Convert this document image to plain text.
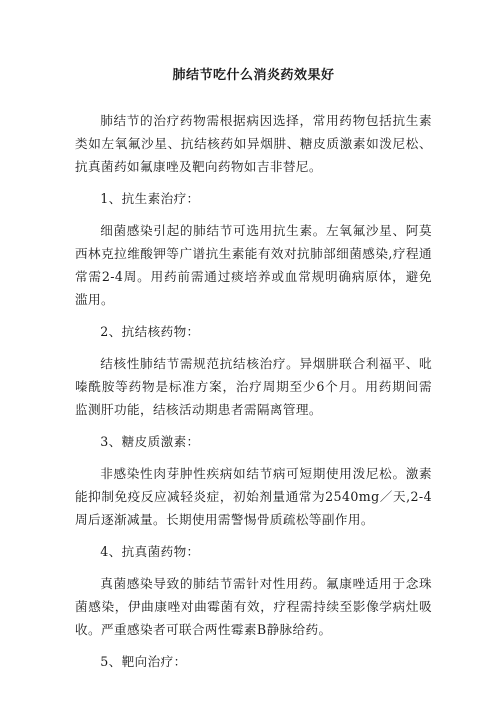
肺结节吃什么消炎药效果好

肺结节的治疗药物需根据病因选择，常用药物包括抗生素类如左氧氟沙星、抗结核药如异烟肼、糖皮质激素如泼尼松、抗真菌药如氟康唑及靶向药物如吉非替尼。

1、抗生素治疗：

细菌感染引起的肺结节可选用抗生素。左氧氟沙星、阿莫西林克拉维酸钾等广谱抗生素能有效对抗肺部细菌感染,疗程通常需2-4周。用药前需通过痰培养或血常规明确病原体，避免滥用。

2、抗结核药物：

结核性肺结节需规范抗结核治疗。异烟肼联合利福平、吡嗪酰胺等药物是标准方案，治疗周期至少6个月。用药期间需监测肝功能，结核活动期患者需隔离管理。

3、糖皮质激素：

非感染性肉芽肿性疾病如结节病可短期使用泼尼松。激素能抑制免疫反应减轻炎症，初始剂量通常为2540mg／天,2-4周后逐渐减量。长期使用需警惕骨质疏松等副作用。

4、抗真菌药物：

真菌感染导致的肺结节需针对性用药。氟康唑适用于念珠菌感染，伊曲康唑对曲霉菌有效，疗程需持续至影像学病灶吸收。严重感染者可联合两性霉素B静脉给药。

5、靶向治疗：
